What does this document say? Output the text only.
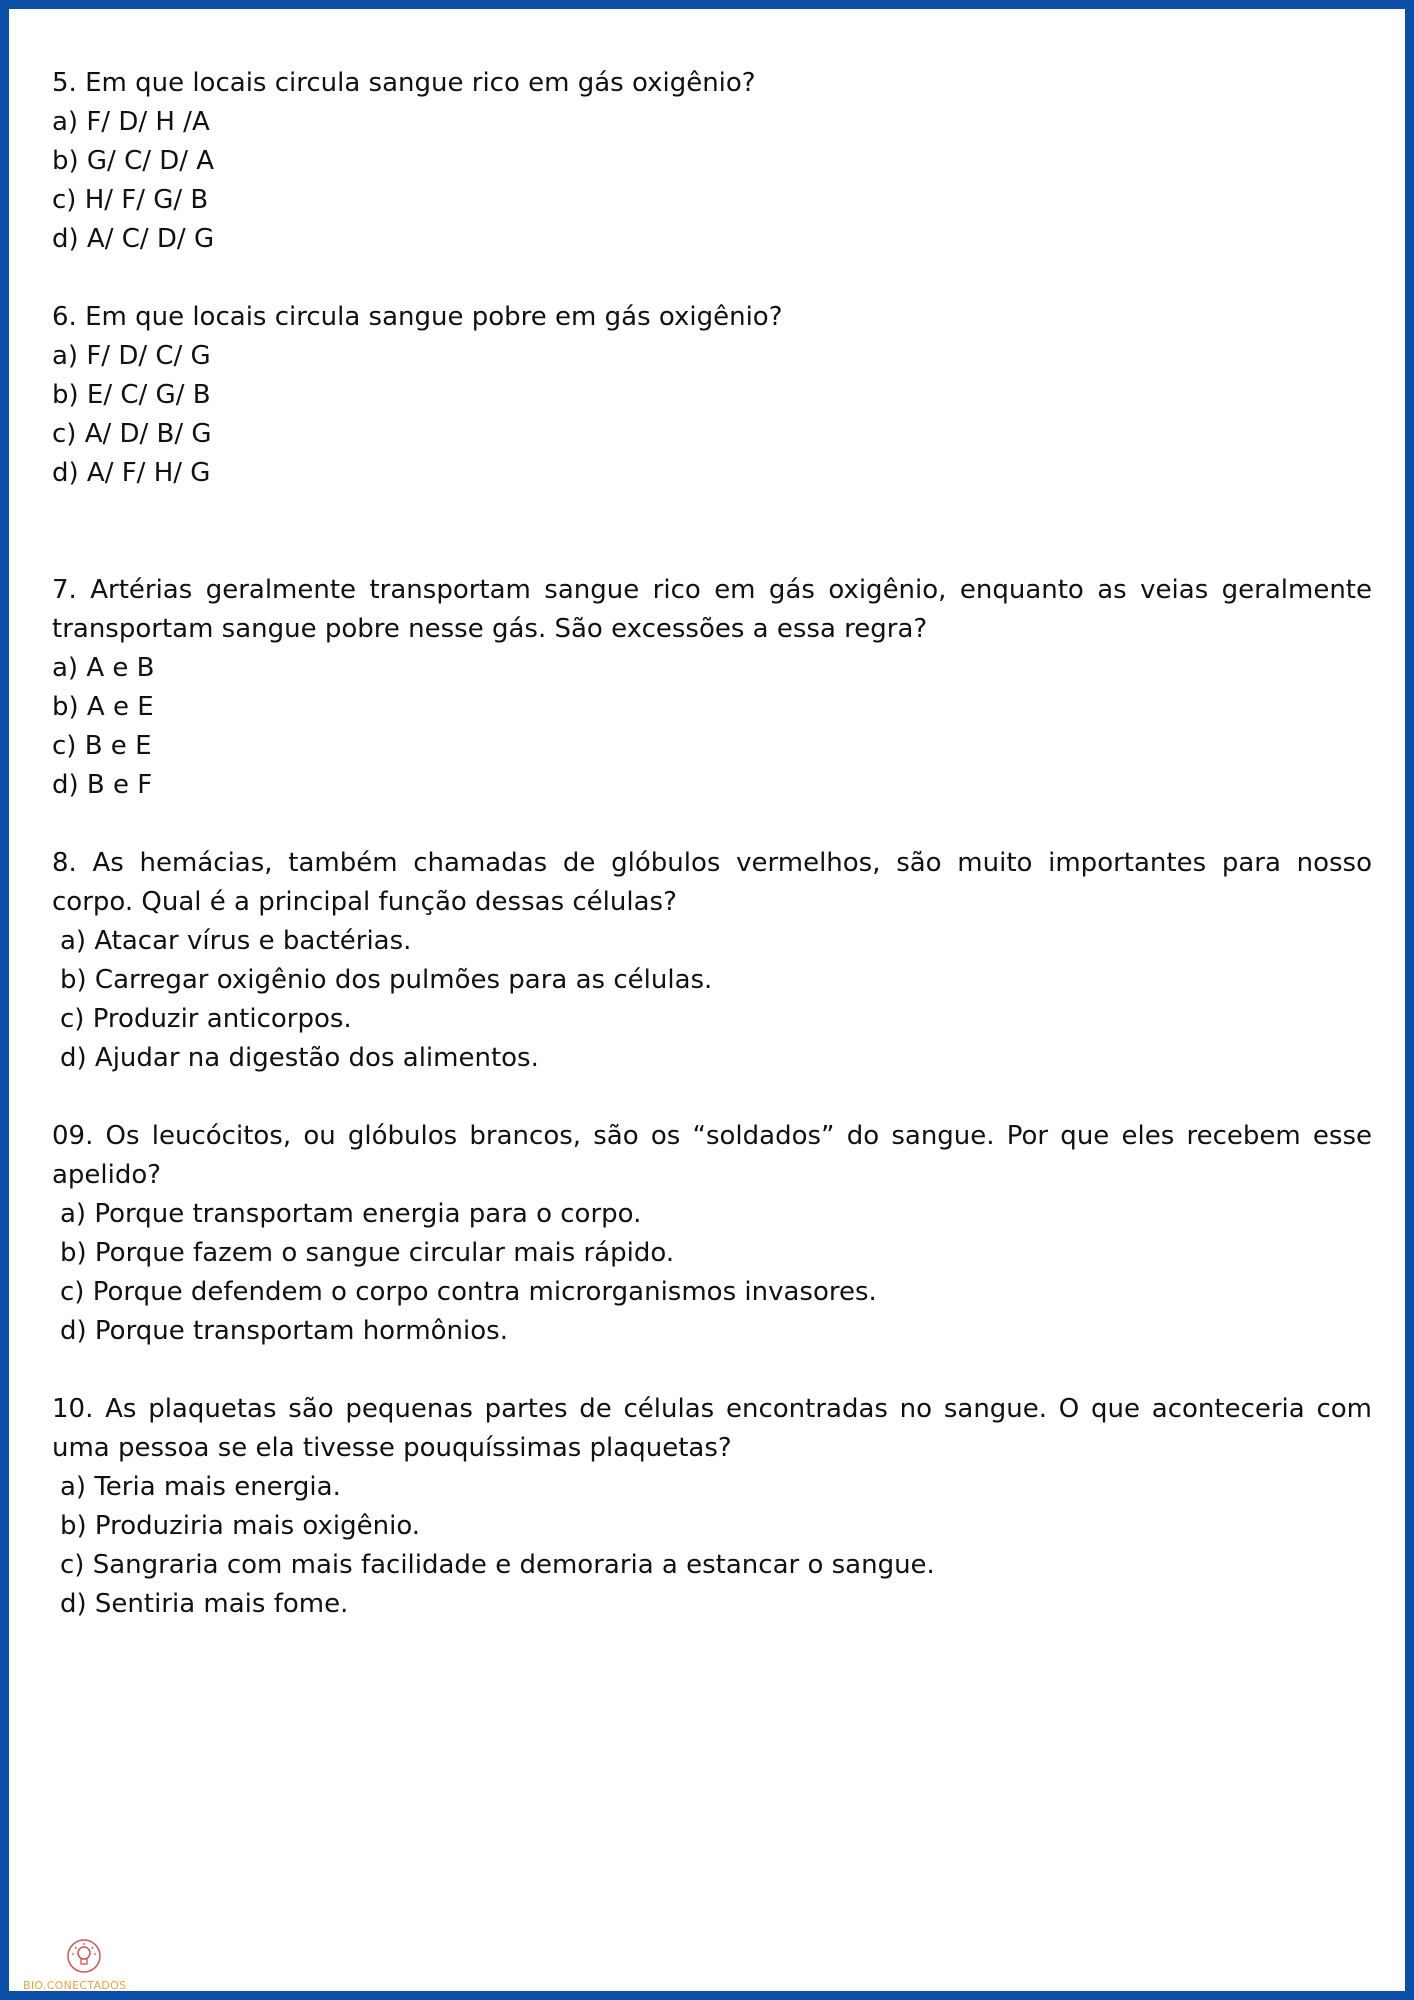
5. Em que locais circula sangue rico em gás oxigênio?

a) F/ D/ H /A

b) G/ C/ D/ A

c) H/ F/ G/ B

d) A/ C/ D/ G

6. Em que locais circula sangue pobre em gás oxigênio?

a) F/ D/ C/ G

b) E/ C/ G/ B

c) A/ D/ B/ G

d) A/ F/ H/ G

7. Artérias geralmente transportam sangue rico em gás oxigênio, enquanto as veias geralmente transportam sangue pobre nesse gás. São excessões a essa regra?

a) A e B

b) A e E

c) B e E

d) B e F

8. As hemácias, também chamadas de glóbulos vermelhos, são muito importantes para nosso corpo. Qual é a principal função dessas células?

a) Atacar vírus e bactérias.

b) Carregar oxigênio dos pulmões para as células.

c) Produzir anticorpos.

d) Ajudar na digestão dos alimentos.

09. Os leucócitos, ou glóbulos brancos, são os “soldados” do sangue. Por que eles recebem esse apelido?

a) Porque transportam energia para o corpo.

b) Porque fazem o sangue circular mais rápido.

c) Porque defendem o corpo contra microrganismos invasores.

d) Porque transportam hormônios.

10. As plaquetas são pequenas partes de células encontradas no sangue. O que aconteceria com uma pessoa se ela tivesse pouquíssimas plaquetas?

a) Teria mais energia.

b) Produziria mais oxigênio.

c) Sangraria com mais facilidade e demoraria a estancar o sangue.

d) Sentiria mais fome.

BIO.CONECTADOS
